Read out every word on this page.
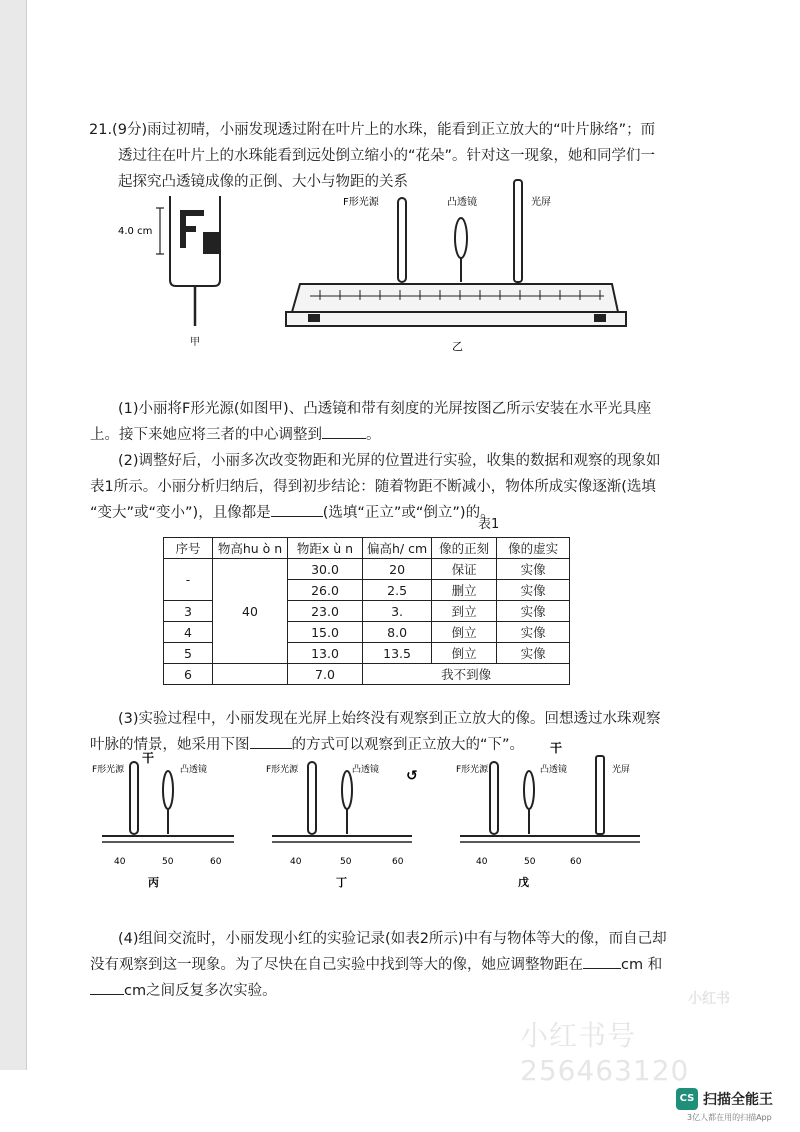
21.(9分)雨过初晴，小丽发现透过附在叶片上的水珠，能看到正立放大的“叶片脉络”；而
透过往在叶片上的水珠能看到远处倒立缩小的“花朵”。针对这一现象，她和同学们一
起探究凸透镜成像的正倒、大小与物距的关系
4.0 cm
甲
F形光源	凸透镜	光屏
乙
F形光源	凸透镜
干
40	50	60
丙
F形光源	凸透镜 ↺
40	50	60
丁
干
F形光源	凸透镜	光屏
40	50	60
戊
(1)小丽将F形光源(如图甲)、凸透镜和带有刻度的光屏按图乙所示安装在水平光具座
上。接下来她应将三者的中心调整到	。
(2)调整好后，小丽多次改变物距和光屏的位置进行实验，收集的数据和观察的现象如
表1所示。小丽分析归纳后，得到初步结论：随着物距不断减小，物体所成实像逐渐(选填
“变大”或“变小”)，且像都是	(选填“正立”或“倒立”)的。
表1
序号	物高hu ò n	物距x ù n	偏高h/ cm	像的正刻	像的虚实
-	40	30.0	20	保证	实像
		26.0	2.5	删立	实像
3		23.0	3.	到立	实像
4		15.0	8.0	倒立	实像
5		13.0	13.5	倒立	实像
6		7.0	我不到像		
(3)实验过程中，小丽发现在光屏上始终没有观察到正立放大的像。回想透过水珠观察
叶脉的情景，她采用下图	的方式可以观察到正立放大的“下”。
(4)组间交流时，小丽发现小红的实验记录(如表2所示)中有与物体等大的像，而自己却
没有观察到这一现象。为了尽快在自己实验中找到等大的像，她应调整物距在	cm 和
cm之间反复多次实验。	小红书
小红书号 256463120
CS 扫描全能王
3亿人都在用的扫描App
